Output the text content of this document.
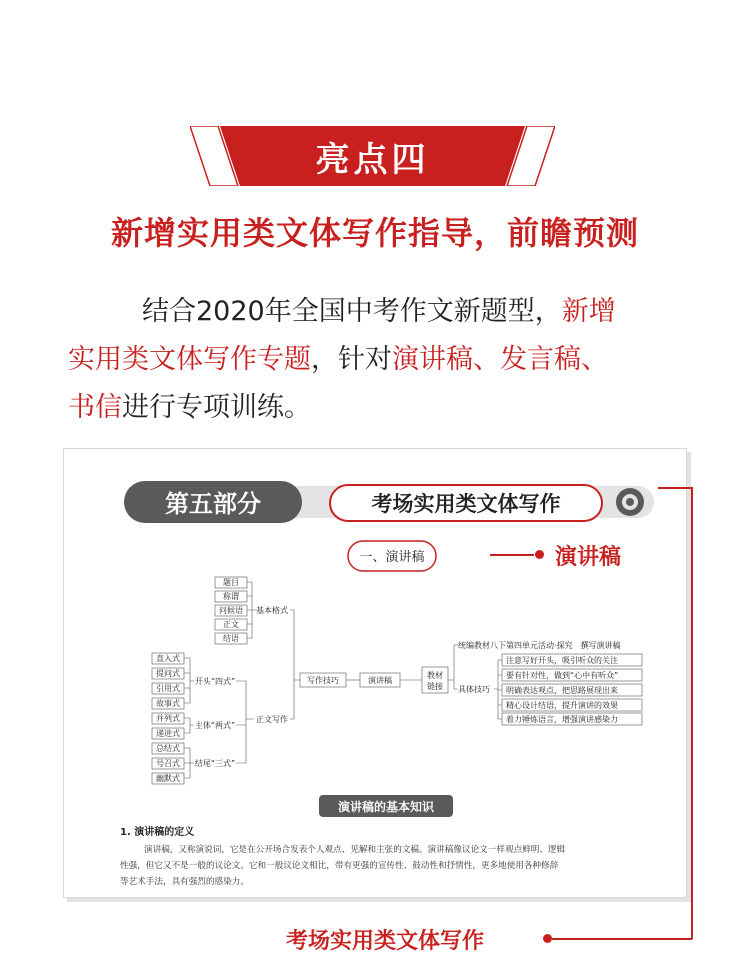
亮点四
新增实用类文体写作指导，前瞻预测
结合2020年全国中考作文新题型，新增
实用类文体写作专题，针对演讲稿、发言稿、
书信进行专项训练。
第五部分	考场实用类文体写作
一、演讲稿
题目
称谓
问候语
正文
结语
基本格式
直入式
提问式
引用式
故事式
并列式
递进式
总结式
号召式
幽默式
开头“四式”
主体“两式”
结尾“三式”
正文写作
写作技巧	演讲稿
教材
链接
统编教材八下第四单元活动·探究　撰写演讲稿
具体技巧
注意写好开头，吸引听众的关注
要有针对性，做到“心中有听众”
明确表达观点，把思路展现出来
精心设计结语，提升演讲的效果
着力锤炼语言，增强演讲感染力
演讲稿的基本知识
1. 演讲稿的定义
演讲稿，又称演说词，它是在公开场合发表个人观点、见解和主张的文稿。演讲稿像议论文一样观点鲜明、逻辑
性强，但它又不是一般的议论文。它和一般议论文相比，带有更强的宣传性、鼓动性和抒情性，更多地使用各种修辞
等艺术手法，具有强烈的感染力。
演讲稿
考场实用类文体写作
